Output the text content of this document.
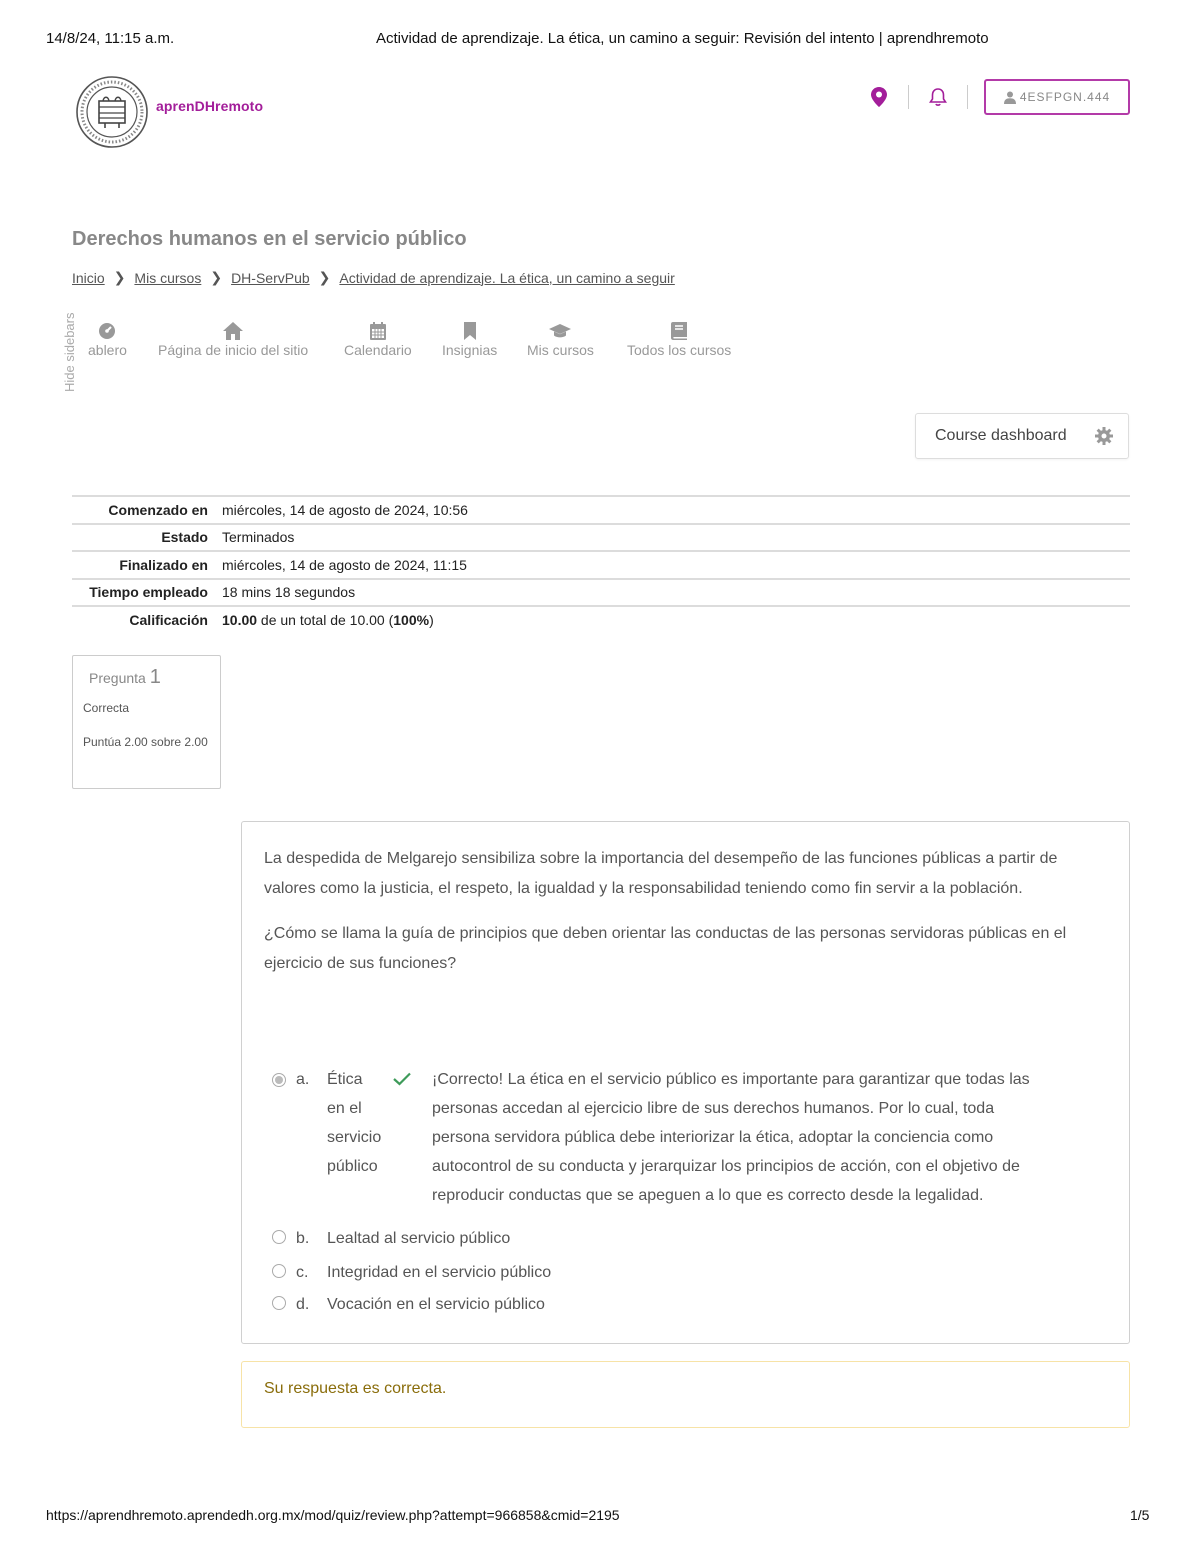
14/8/24, 11:15 a.m.	Actividad de aprendizaje. La ética, un camino a seguir: Revisión del intento | aprendhremoto
https://aprendhremoto.aprendedh.org.mx/mod/quiz/review.php?attempt=966858&cmid=2195	1/5
aprenDHremoto
4ESFPGN.444
Derechos humanos en el servicio público
Inicio ❯ Mis cursos ❯ DH-ServPub ❯ Actividad de aprendizaje. La ética, un camino a seguir
Hide sidebars ablero Página de inicio del sitio	Calendario Insignias Mis cursos Todos los cursos
Course dashboard
Comenzado en	miércoles, 14 de agosto de 2024, 10:56
Estado	Terminados
Finalizado en	miércoles, 14 de agosto de 2024, 11:15
Tiempo empleado	18 mins 18 segundos
Calificación	10.00 de un total de 10.00 (100%)
Pregunta 1
Correcta
Puntúa 2.00 sobre 2.00

La despedida de Melgarejo sensibiliza sobre la importancia del desempeño de las funciones públicas a partir de valores como la justicia, el respeto, la igualdad y la responsabilidad teniendo como fin servir a la población.

¿Cómo se llama la guía de principios que deben orientar las conductas de las personas servidoras públicas en el ejercicio de sus funciones?

a. Ética
en el
servicio
público
¡Correcto! La ética en el servicio público es importante para garantizar que todas las
personas accedan al ejercicio libre de sus derechos humanos. Por lo cual, toda
persona servidora pública debe interiorizar la ética, adoptar la conciencia como
autocontrol de su conducta y jerarquizar los principios de acción, con el objetivo de
reproducir conductas que se apeguen a lo que es correcto desde la legalidad.
b. Lealtad al servicio público
c. Integridad en el servicio público
d. Vocación en el servicio público
Su respuesta es correcta.
